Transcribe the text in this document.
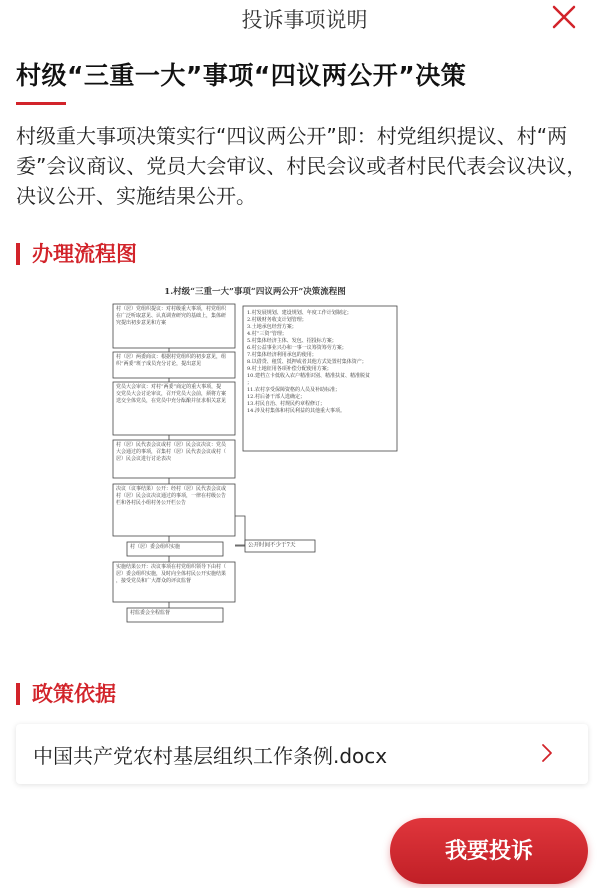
投诉事项说明
村级“三重一大”事项“四议两公开”决策
村级重大事项决策实行“四议两公开”即：村党组织提议、村“两委”会议商议、党员大会审议、村民会议或者村民代表会议决议，决议公开、实施结果公开。
办理流程图
1.村级“三重一大”事项“四议两公开”决策流程图
村（居）党组织提议：对村级重大事项，村党组织在广泛听取意见、认真调查研究的基础上，集体研究提出初步意见和方案
村（居）两委商议：根据村党组织的初步意见，组织“两委”班子成员充分讨论，提出意见
党员大会审议：对村“两委”商定的重大事项，提交党员大会讨论审议，召开党员大会前，须将方案送交全体党员，在党员中充分酝酿并征求相关意见
村（居）民代表会议或村（居）民会议决议：党员大会通过的事项，召集村（居）民代表会议或村（居）民会议进行讨论表决
决议（议事结果）公开：经村（居）民代表会议或村（居）民会议决议通过的事项，一律在村级公告栏和各村民小组村务公开栏公告
村（居）委会组织实施
实施结果公开：决议事项在村党组织领导下由村（居）委会组织实施，及时向全体村民公开实施结果，接受党员和广大群众的评议监督
村监委会全程监督
1.村发展规划、建设规划、年度工作计划制定；
2.村级财务收支计划管理；
3.土地承包经营方案；
4.村“三资”管理；
5.村集体经济主体、发包、招投标方案；
6.村公益事业兴办和一事一议筹资筹劳方案；
7.村集体经济利用承包的使用；
8.以借贷、租赁、抵押或者其他方式处置村集体资产；
9.村土地征用各项补偿分配使用方案；
10.建档立卡低收入农户精准识别、精准扶贫、精准脱贫；
11.农村享受保障资格的人员及补助标准；
12.村后备干部人选确定；
13.村民自治、村规民约章程修订；
14.涉及村集体和村民利益的其他重大事项。
公开时间不少于7天
政策依据
中国共产党农村基层组织工作条例.docx
我要投诉
